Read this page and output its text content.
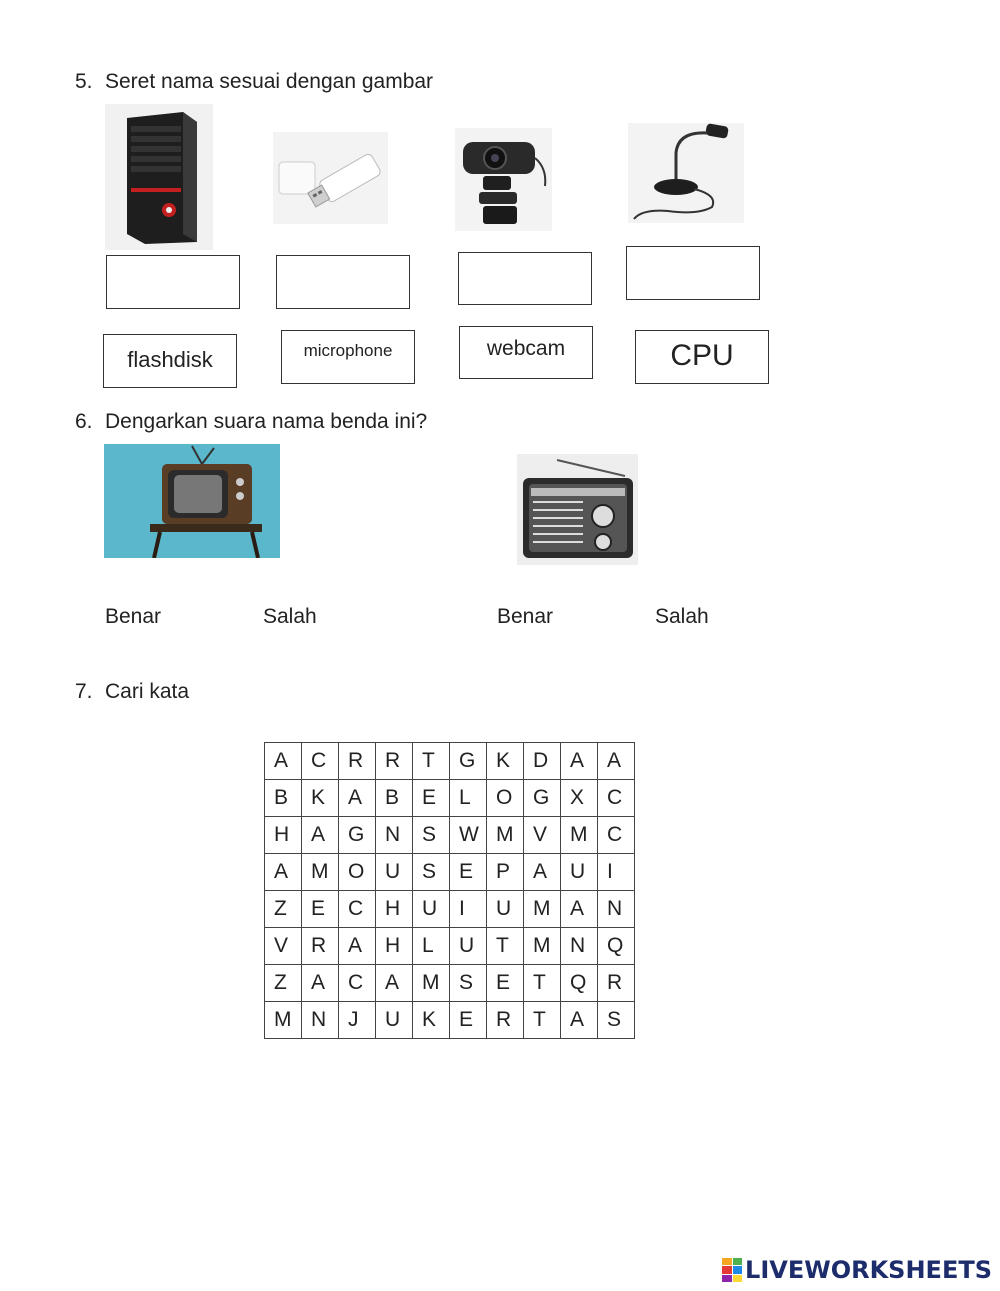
5. Seret nama sesuai dengan gambar
flashdisk	microphone	webcam	CPU
6. Dengarkan suara nama benda ini?
Benar	Salah	Benar	Salah
7. Cari kata
A	C	R	R	T	G	K	D	A	A
B	K	A	B	E	L	O	G	X	C
H	A	G	N	S	W	M	V	M	C
A	M	O	U	S	E	P	A	U	I
Z	E	C	H	U	I	U	M	A	N
V	R	A	H	L	U	T	M	N	Q
Z	A	C	A	M	S	E	T	Q	R
M	N	J	U	K	E	R	T	A	S
LIVEWORKSHEETS
